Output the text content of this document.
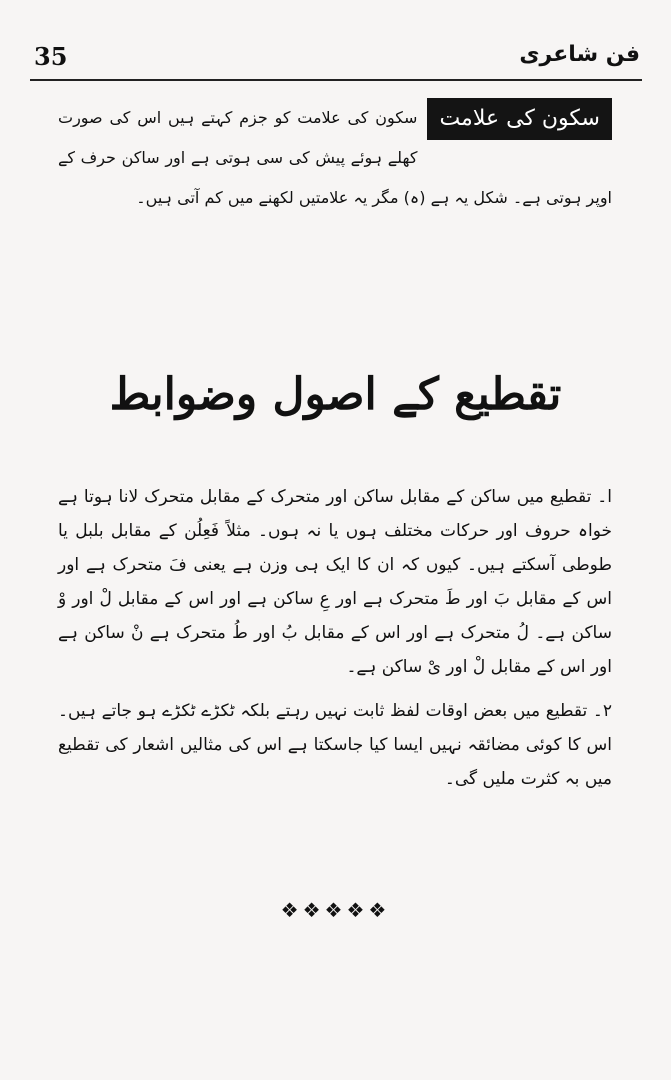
35	فن شاعری
سکون کی علامت
سکون کی علامت کو جزم کہتے ہیں اس کی صورت کھلے ہوئے پیش کی سی ہوتی ہے اور ساکن حرف کے اوپر ہوتی ہے۔ شکل یہ ہے (ہ) مگر یہ علامتیں لکھنے میں کم آتی ہیں۔
تقطیع کے اصول وضوابط

ا۔ تقطیع میں ساکن کے مقابل ساکن اور متحرک کے مقابل متحرک لانا ہوتا ہے خواہ حروف اور حرکات مختلف ہوں یا نہ ہوں۔ مثلاً فَعِلُن کے مقابل بلبل یا طوطی آسکتے ہیں۔ کیوں کہ ان کا ایک ہی وزن ہے یعنی فَ متحرک ہے اور اس کے مقابل بَ اور طَ متحرک ہے اور عِ ساکن ہے اور اس کے مقابل لْ اور وْ ساکن ہے۔ لُ متحرک ہے اور اس کے مقابل بُ اور طُ متحرک ہے نْ ساکن ہے اور اس کے مقابل لْ اور یْ ساکن ہے۔

۲۔ تقطیع میں بعض اوقات لفظ ثابت نہیں رہتے بلکہ ٹکڑے ٹکڑے ہو جاتے ہیں۔ اس کا کوئی مضائقہ نہیں ایسا کیا جاسکتا ہے اس کی مثالیں اشعار کی تقطیع میں بہ کثرت ملیں گی۔

❖❖❖❖❖
